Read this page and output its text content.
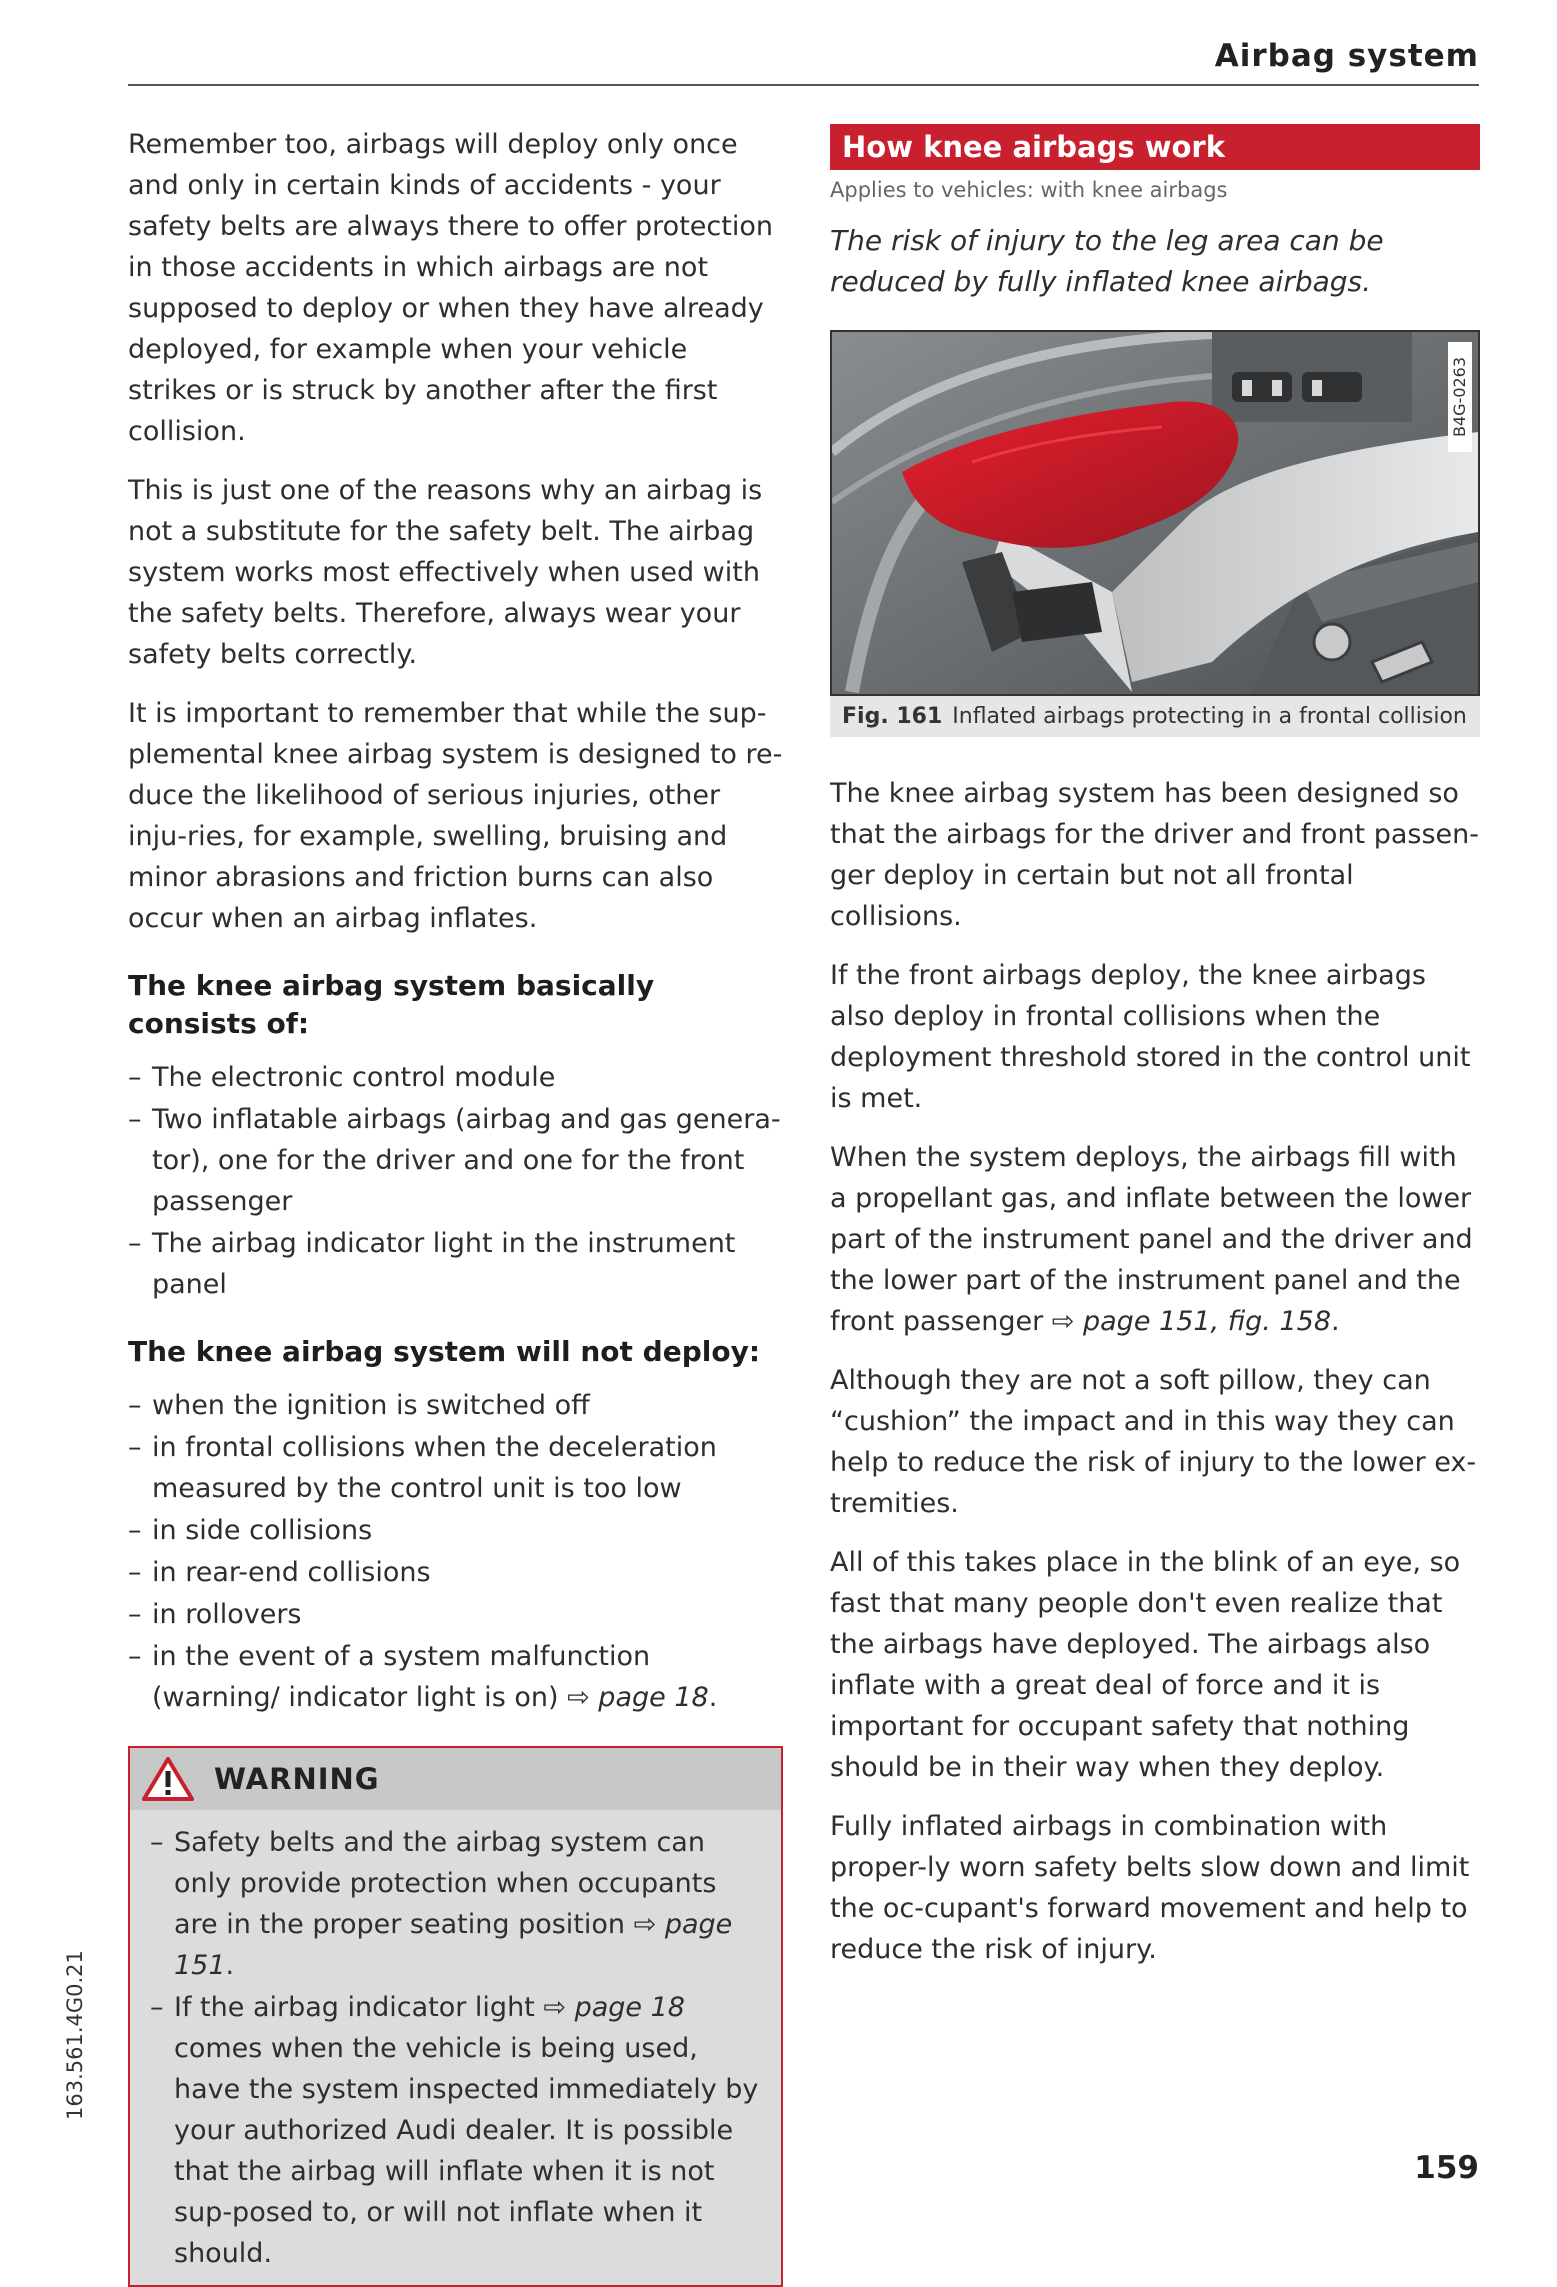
Airbag system

Remember too, airbags will deploy only once and only in certain kinds of accidents - your safety belts are always there to offer protection in those accidents in which airbags are not supposed to deploy or when they have already deployed, for example when your vehicle strikes or is struck by another after the first collision.

This is just one of the reasons why an airbag is not a substitute for the safety belt. The airbag system works most effectively when used with the safety belts. Therefore, always wear your safety belts correctly.

It is important to remember that while the sup-plemental knee airbag system is designed to re-duce the likelihood of serious injuries, other inju-ries, for example, swelling, bruising and minor abrasions and friction burns can also occur when an airbag inflates.

The knee airbag system basically consists of:
– The electronic control module
– Two inflatable airbags (airbag and gas genera-tor), one for the driver and one for the front passenger
– The airbag indicator light in the instrument panel
The knee airbag system will not deploy:
– when the ignition is switched off
– in frontal collisions when the deceleration measured by the control unit is too low
– in side collisions
– in rear-end collisions
– in rollovers
– in the event of a system malfunction (warning/ indicator light is on) ⇨ page 18.
WARNING
– Safety belts and the airbag system can only provide protection when occupants are in the proper seating position ⇨ page 151.
– If the airbag indicator light ⇨ page 18 comes when the vehicle is being used, have the system inspected immediately by your authorized Audi dealer. It is possible that the airbag will inflate when it is not sup-posed to, or will not inflate when it should.
How knee airbags work
Applies to vehicles: with knee airbags

The risk of injury to the leg area can be reduced by fully inflated knee airbags.

B4G-0263
Fig. 161 Inflated airbags protecting in a frontal collision

The knee airbag system has been designed so that the airbags for the driver and front passen-ger deploy in certain but not all frontal collisions.

If the front airbags deploy, the knee airbags also deploy in frontal collisions when the deployment threshold stored in the control unit is met.

When the system deploys, the airbags fill with a propellant gas, and inflate between the lower part of the instrument panel and the driver and the lower part of the instrument panel and the front passenger ⇨ page 151, fig. 158.

Although they are not a soft pillow, they can “cushion” the impact and in this way they can help to reduce the risk of injury to the lower ex-tremities.

All of this takes place in the blink of an eye, so fast that many people don't even realize that the airbags have deployed. The airbags also inflate with a great deal of force and it is important for occupant safety that nothing should be in their way when they deploy.

Fully inflated airbags in combination with proper-ly worn safety belts slow down and limit the oc-cupant's forward movement and help to reduce the risk of injury.

163.561.4G0.21
159
